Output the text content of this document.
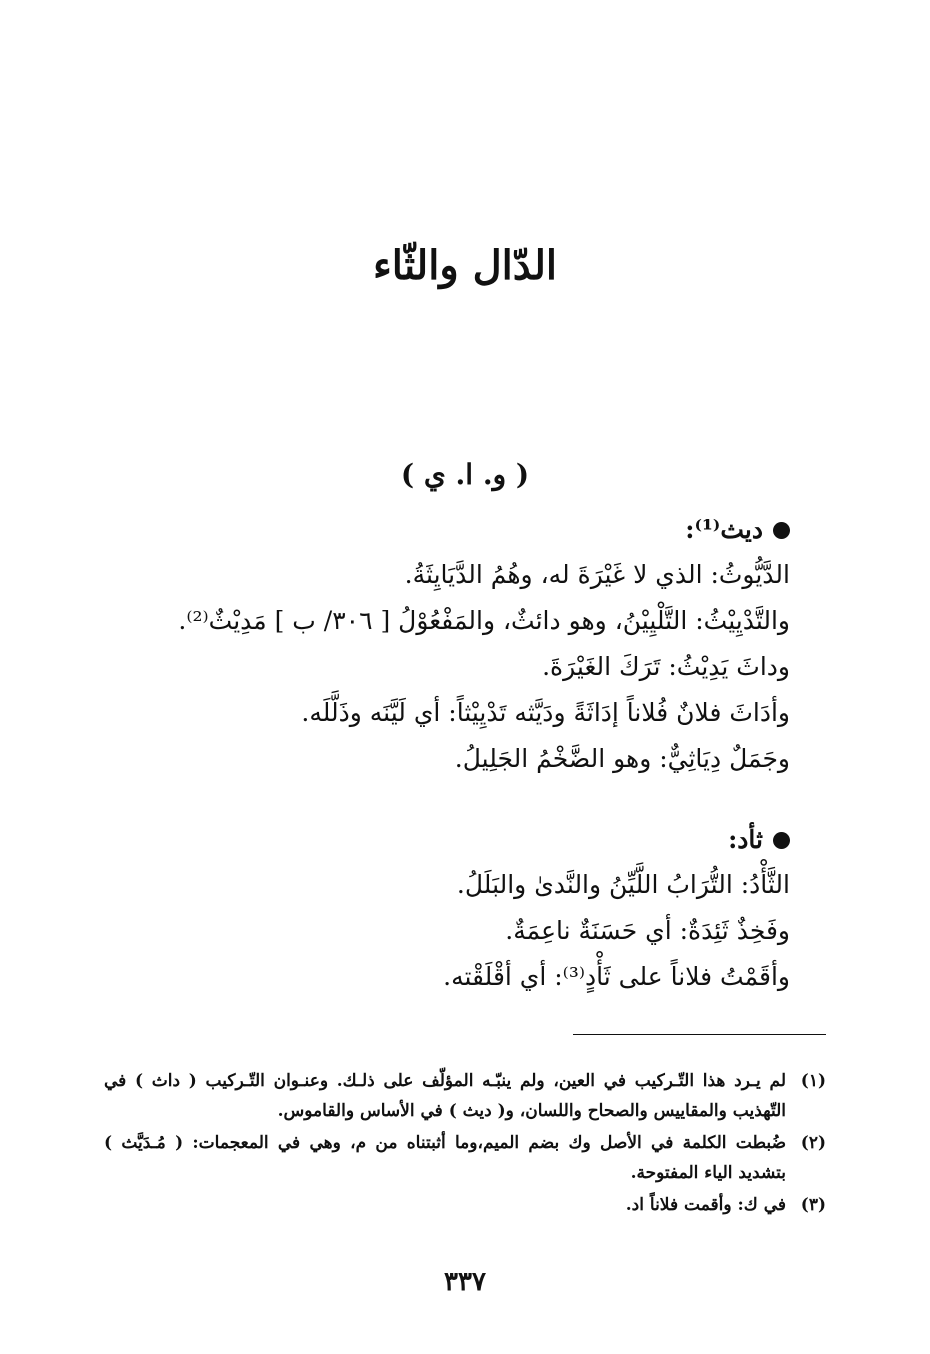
الدّال والثّاء
( و. ا. ي )
ديث⁽¹⁾:
الدَّيُّوثُ: الذي لا غَيْرَةَ له، وهُمُ الدَّيَايِثَةُ.
والتَّدْيِيْثُ: التَّلْيِيْنُ، وهو دائثٌ، والمَفْعُوْلُ [ ٣٠٦/ ب ] مَدِيْثٌ⁽²⁾.
وداثَ يَدِيْثُ: تَرَكَ الغَيْرَةَ.
وأدَاثَ فلانٌ فُلاناً إدَاثَةً ودَيَّثه تَدْيِيْثاً: أي لَيَّنَه وذَلَّلَه.
وجَمَلٌ دِيَاثِيٌّ: وهو الضَّخْمُ الجَلِيلُ.
ثأد:
الثَّأْدُ: التُّرَابُ اللَّيِّنُ والنَّدىٰ والبَلَلُ.
وفَخِذٌ ثَئِدَةٌ: أي حَسَنَةٌ ناعِمَةٌ.
وأقَمْتُ فلاناً على ثَأْدٍ⁽³⁾: أي أقْلَقْته.
(١)
لم يـرد هذا التّـركيب في العين، ولم ينبّـه المؤلّف على ذلـك. وعنـوان التّـركيب ( داث ) في التّهذيب والمقاييس والصحاح واللسان، و( ديث ) في الأساس والقاموس.
(٢)
ضُبطت الكلمة في الأصل وك بضم الميم،وما أثبتناه من م، وهي في المعجمات: ( مُـدَيَّث ) بتشديد الياء المفتوحة.
(٣)
في ك: وأقمت فلاناً اد.
٣٣٧
